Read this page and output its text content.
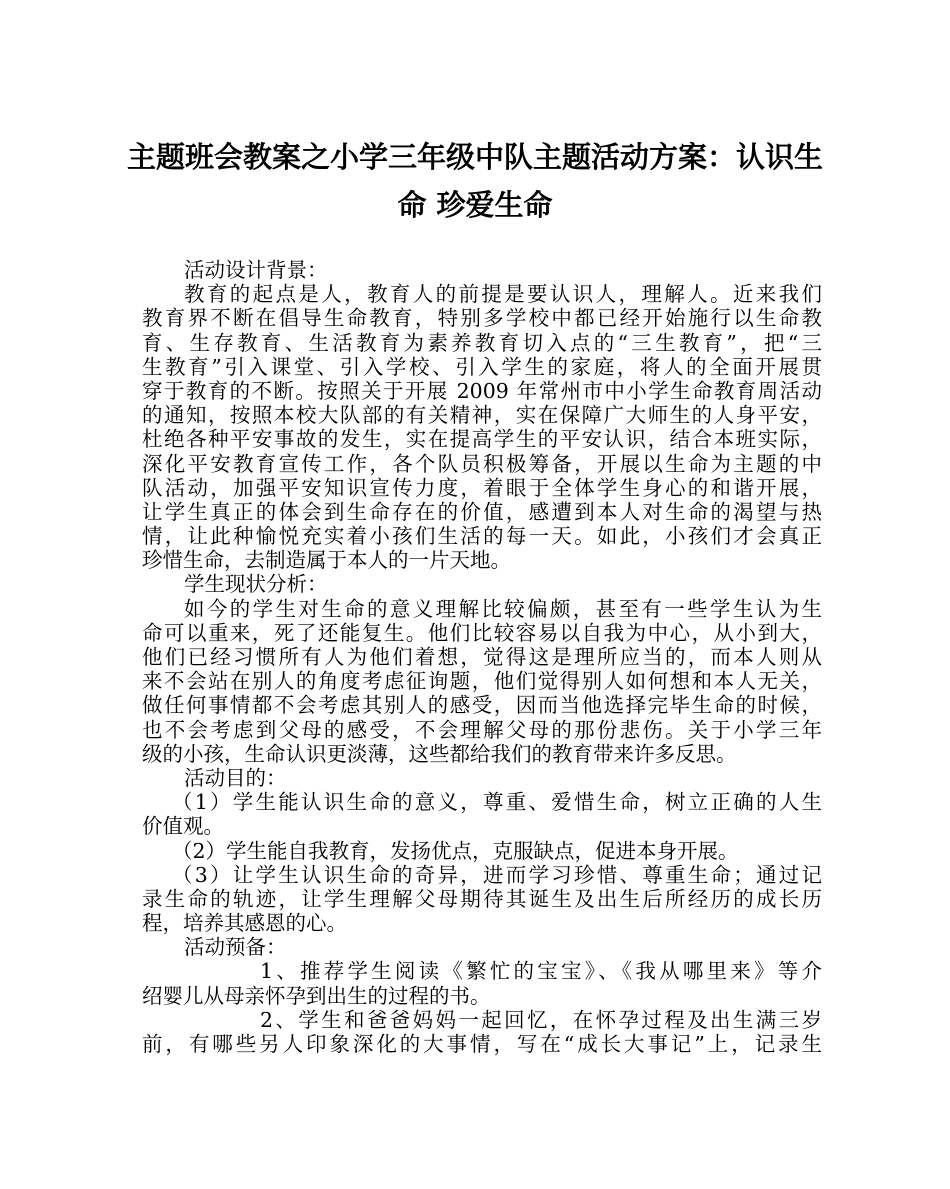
主题班会教案之小学三年级中队主题活动方案：认识生
命 珍爱生命
活动设计背景：
教育的起点是人，教育人的前提是要认识人，理解人。近来我们
教育界不断在倡导生命教育，特别多学校中都已经开始施行以生命教
育、生存教育、生活教育为素养教育切入点的“三生教育”，把“三
生教育”引入课堂、引入学校、引入学生的家庭，将人的全面开展贯
穿于教育的不断。按照关于开展 2009 年常州市中小学生命教育周活动
的通知，按照本校大队部的有关精神，实在保障广大师生的人身平安，
杜绝各种平安事故的发生，实在提高学生的平安认识，结合本班实际，
深化平安教育宣传工作，各个队员积极筹备，开展以生命为主题的中
队活动，加强平安知识宣传力度，着眼于全体学生身心的和谐开展，
让学生真正的体会到生命存在的价值，感遭到本人对生命的渴望与热
情，让此种愉悦充实着小孩们生活的每一天。如此，小孩们才会真正
珍惜生命，去制造属于本人的一片天地。
学生现状分析：
如今的学生对生命的意义理解比较偏颇，甚至有一些学生认为生
命可以重来，死了还能复生。他们比较容易以自我为中心，从小到大，
他们已经习惯所有人为他们着想，觉得这是理所应当的，而本人则从
来不会站在别人的角度考虑征询题，他们觉得别人如何想和本人无关，
做任何事情都不会考虑其别人的感受，因而当他选择完毕生命的时候，
也不会考虑到父母的感受，不会理解父母的那份悲伤。关于小学三年
级的小孩，生命认识更淡薄，这些都给我们的教育带来许多反思。
活动目的：
（1）学生能认识生命的意义，尊重、爱惜生命，树立正确的人生
价值观。
（2）学生能自我教育，发扬优点，克服缺点，促进本身开展。
（3）让学生认识生命的奇异，进而学习珍惜、尊重生命；通过记
录生命的轨迹，让学生理解父母期待其诞生及出生后所经历的成长历
程，培养其感恩的心。
活动预备：
1、推荐学生阅读《繁忙的宝宝》、《我从哪里来》等介
绍婴儿从母亲怀孕到出生的过程的书。
2、学生和爸爸妈妈一起回忆，在怀孕过程及出生满三岁
前，有哪些另人印象深化的大事情，写在“成长大事记”上，记录生
